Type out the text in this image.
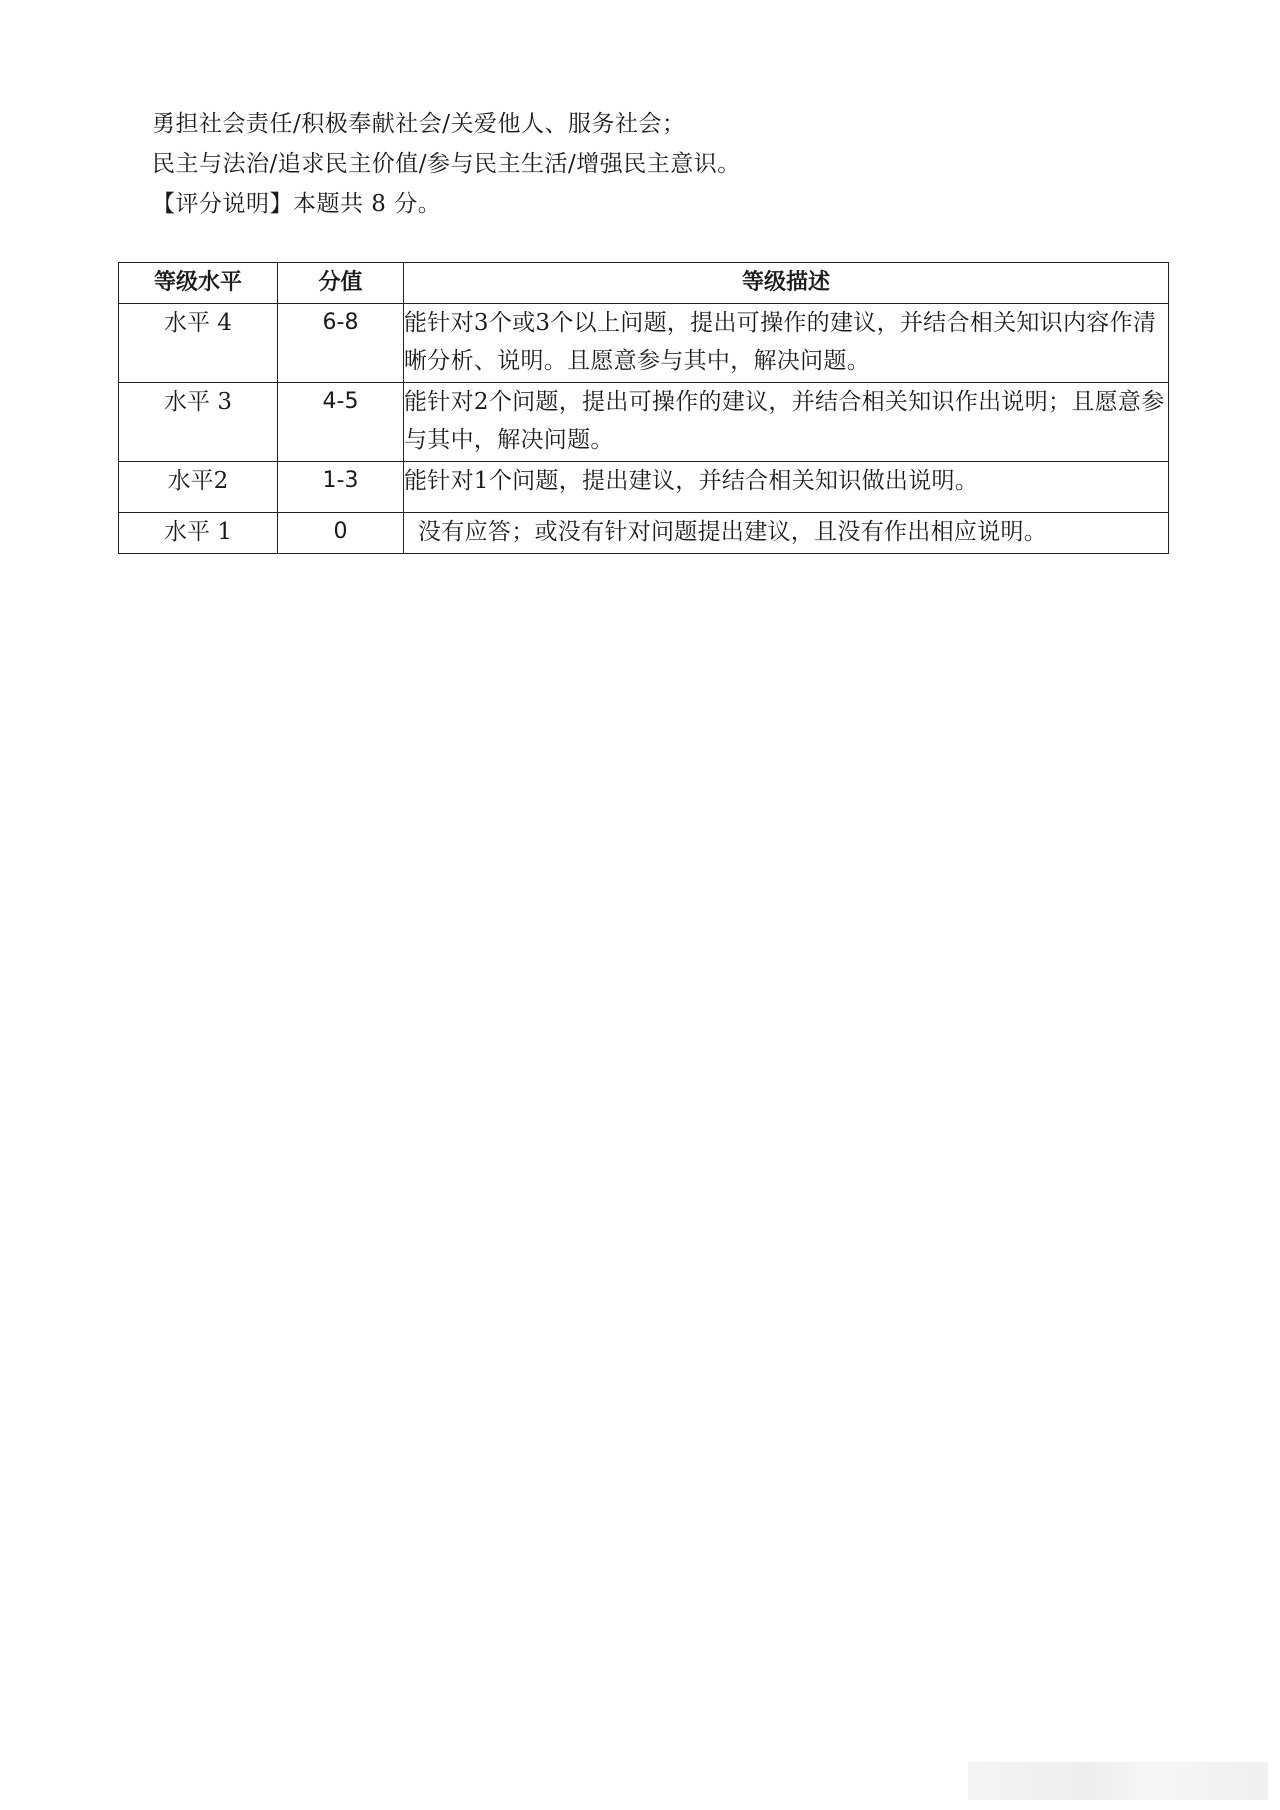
勇担社会责任/积极奉献社会/关爱他人、服务社会；
民主与法治/追求民主价值/参与民主生活/增强民主意识。
【评分说明】本题共 8 分。
等级水平	分值	等级描述
水平 4	6-8	能针对3个或3个以上问题，提出可操作的建议，并结合相关知识内容作清晰分析、说明。且愿意参与其中，解决问题。
水平 3	4-5	能针对2个问题，提出可操作的建议，并结合相关知识作出说明；且愿意参与其中，解决问题。
水平2	1-3	能针对1个问题，提出建议，并结合相关知识做出说明。
水平 1	0	没有应答；或没有针对问题提出建议，且没有作出相应说明。
